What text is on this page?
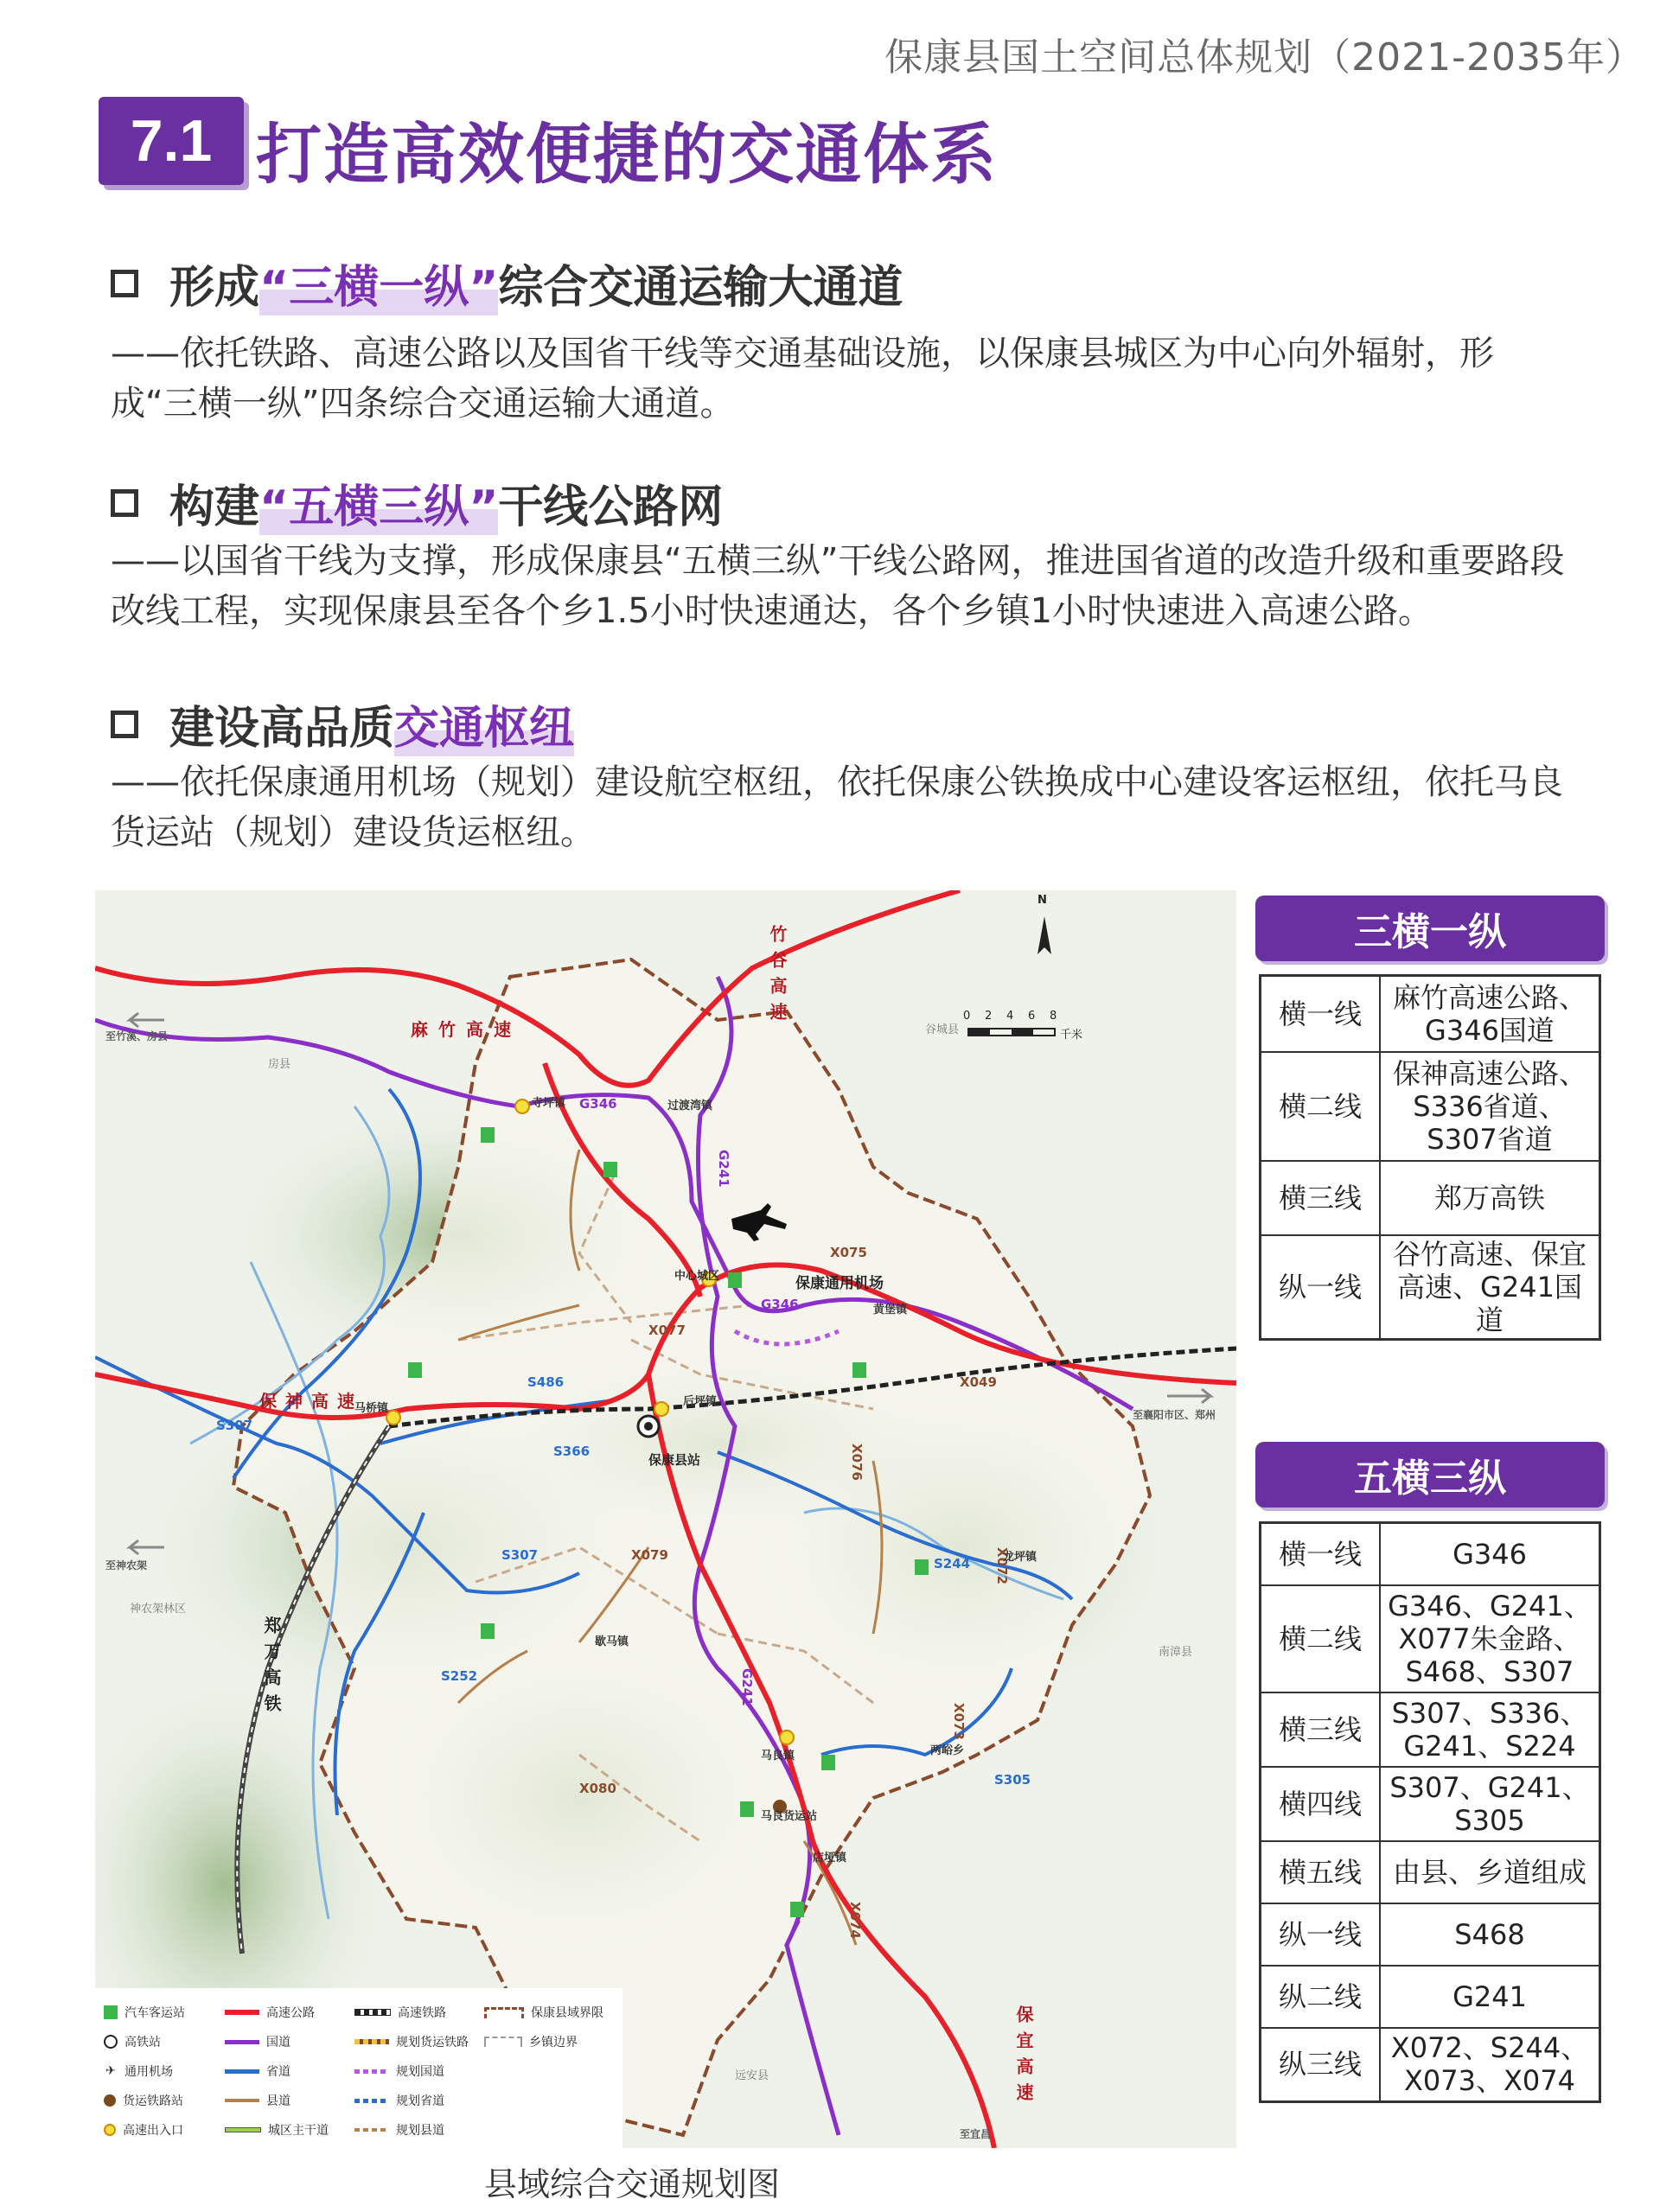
保康县国土空间总体规划（2021-2035年）
7.1 打造高效便捷的交通体系
形成 “三横一纵” 综合交通运输大通道
——依托铁路、高速公路以及国省干线等交通基础设施，以保康县城区为中心向外辐射，形成“三横一纵”四条综合交通运输大通道。
构建 “五横三纵” 干线公路网
——以国省干线为支撑，形成保康县“五横三纵”干线公路网，推进国省道的改造升级和重要路段改线工程，实现保康县至各个乡1.5小时快速通达，各个乡镇1小时快速进入高速公路。
建设高品质 交通枢纽
——依托保康通用机场（规划）建设航空枢纽，依托保康公铁换成中心建设客运枢纽，依托马良货运站（规划）建设货运枢纽。
麻竹高速
竹谷高速
保神高速
郑万高铁
保宜高速
G346
G346
G241
G241
S486
S307
S307
S366
S244
S252
S305
X075
X077
X079
X080
X049
X072
X073
X074
X076
保康县站
保康通用机场
中心城区
寺坪镇	过渡湾镇
黄堡镇
后坪镇
马桥镇
歇马镇
马良镇
马良货运站
店垭镇
龙坪镇
两峪乡
至竹溪、房县
至襄阳市区、郑州
至神农架
至宜昌
房县
谷城县
南漳县
神农架林区
远安县
N
0 2 4 6 8
千米
汽车客运站	高速公路	高速铁路	保康县域界限
高铁站	国道	规划货运铁路	乡镇边界
✈ 通用机场	省道	规划国道
货运铁路站	县道	规划省道
高速出入口	城区主干道	规划县道
县域综合交通规划图
三横一纵
横一线	麻竹高速公路、G346国道
横二线	保神高速公路、S336省道、S307省道
横三线	郑万高铁
纵一线	谷竹高速、保宜高速、G241国道
五横三纵
横一线	G346
横二线	G346、G241、X077朱金路、S468、S307
横三线	S307、S336、G241、S224
横四线	S307、G241、S305
横五线	由县、乡道组成
纵一线	S468
纵二线	G241
纵三线	X072、S244、X073、X074
